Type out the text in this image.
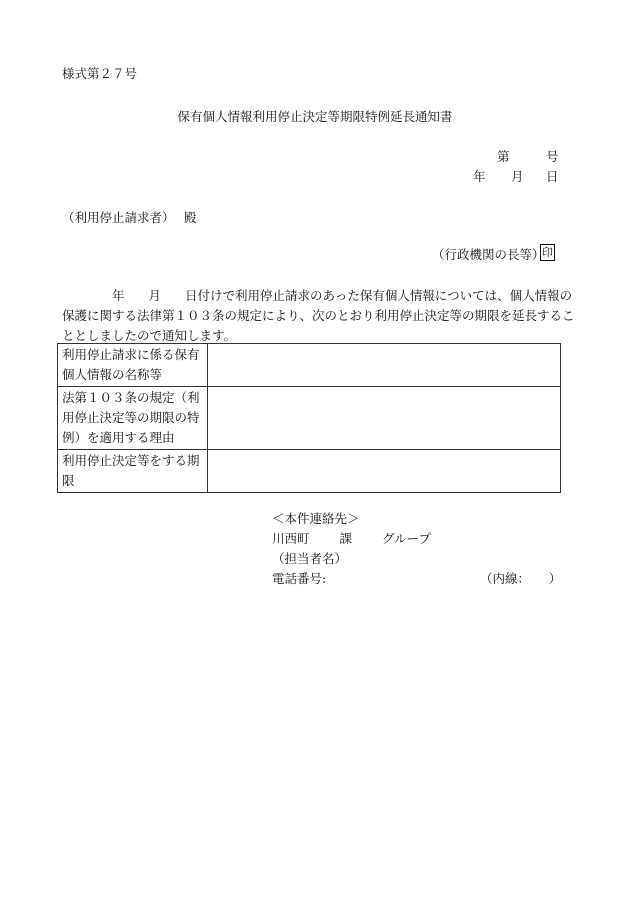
様式第２７号
保有個人情報利用停止決定等期限特例延長通知書
第	号
年 月 日
（利用停止請求者） 殿
（行政機関の長等）
印
年 月 日付けで利用停止請求のあった保有個人情報については、個人情報の
保護に関する法律第１０３条の規定により、次のとおり利用停止決定等の期限を延長するこ
ととしましたので通知します。
利用停止請求に係る保有
個人情報の名称等	

法第１０３条の規定（利
用停止決定等の期限の特
例）を適用する理由	

利用停止決定等をする期
限	

＜本件連絡先＞
川西町 課 グループ
（担当者名）
電話番号:	（内線：　　）
